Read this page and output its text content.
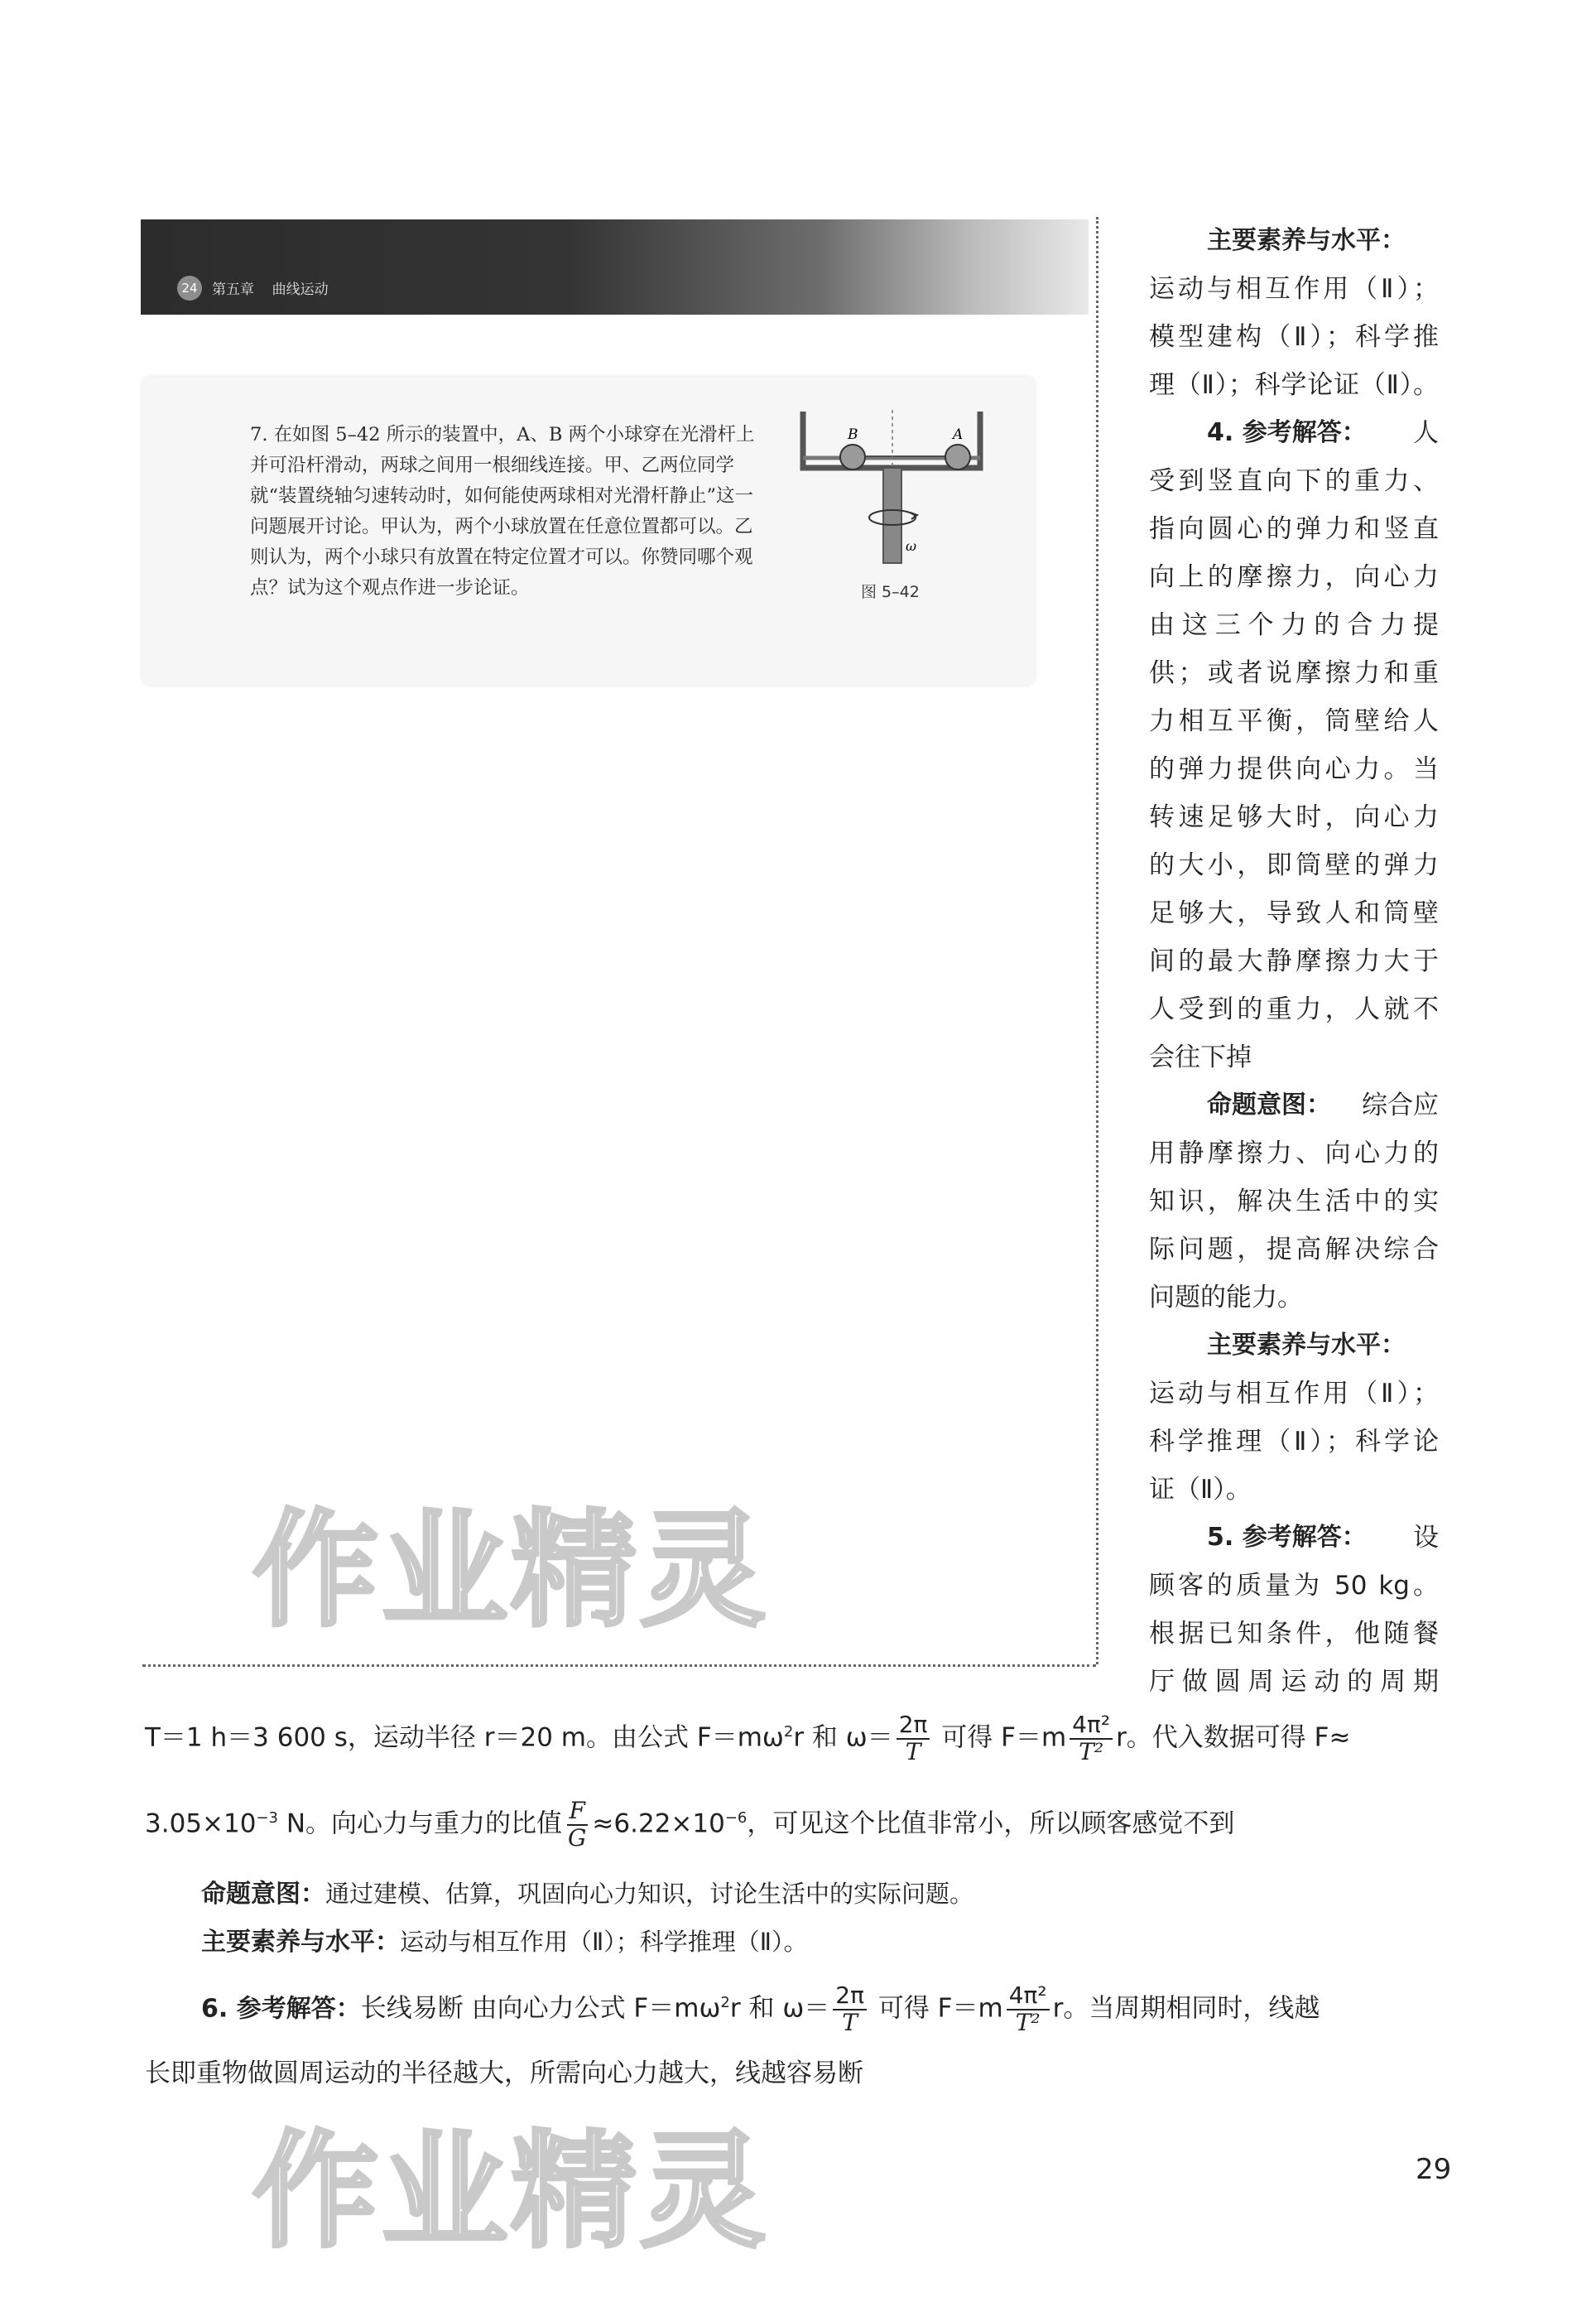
24	第五章    曲线运动
7. 在如图 5–42 所示的装置中，A、B 两个小球穿在光滑杆上并可沿杆滑动，两球之间用一根细线连接。甲、乙两位同学就“装置绕轴匀速转动时，如何能使两球相对光滑杆静止”这一问题展开讨论。甲认为，两个小球放置在任意位置都可以。乙则认为，两个小球只有放置在特定位置才可以。你赞同哪个观点？试为这个观点作进一步论证。
B	A
ω
图 5–42
作业精灵
作业精灵
主要素养与水平：
运动与相互作用（Ⅱ）；
模型建构（Ⅱ）；科学推
理（Ⅱ）；科学论证（Ⅱ）。
4. 参考解答： 人
受到竖直向下的重力、
指向圆心的弹力和竖直
向上的摩擦力，向心力
由这三个力的合力提
供；或者说摩擦力和重
力相互平衡，筒壁给人
的弹力提供向心力。当
转速足够大时，向心力
的大小，即筒壁的弹力
足够大，导致人和筒壁
间的最大静摩擦力大于
人受到的重力，人就不
会往下掉
命题意图： 综合应
用静摩擦力、向心力的
知识，解决生活中的实
际问题，提高解决综合
问题的能力。
主要素养与水平：
运动与相互作用（Ⅱ）；
科学推理（Ⅱ）；科学论
证（Ⅱ）。
5. 参考解答： 设
顾客的质量为 50 kg。
根据已知条件，他随餐
厅做圆周运动的周期
T＝1 h＝3 600 s，运动半径 r＝20 m。由公式 $F=m\omega^2r$ 和 $\omega= \frac{2\pi}{T}$ 可得 $F=m \frac{\text{4π²}}{\text{T²}}$ r。代入数据可得 F≈
$3.05\times 10^{-3}$ N。向心力与重力的比值 $\frac{F}{G} \approx 6.22\times 10^{-6}$，可见这个比值非常小，所以顾客感觉不到
命题意图：通过建模、估算，巩固向心力知识，讨论生活中的实际问题。
主要素养与水平：运动与相互作用（Ⅱ）；科学推理（Ⅱ）。
6. 参考解答：长线易断 由向心力公式 $F=m\omega^2r$ 和 $\omega= \frac{2\pi}{T}$ 可得 $F=m \frac{\text{4π²}}{\text{T²}}$ r。当周期相同时，线越
长即重物做圆周运动的半径越大，所需向心力越大，线越容易断
29
